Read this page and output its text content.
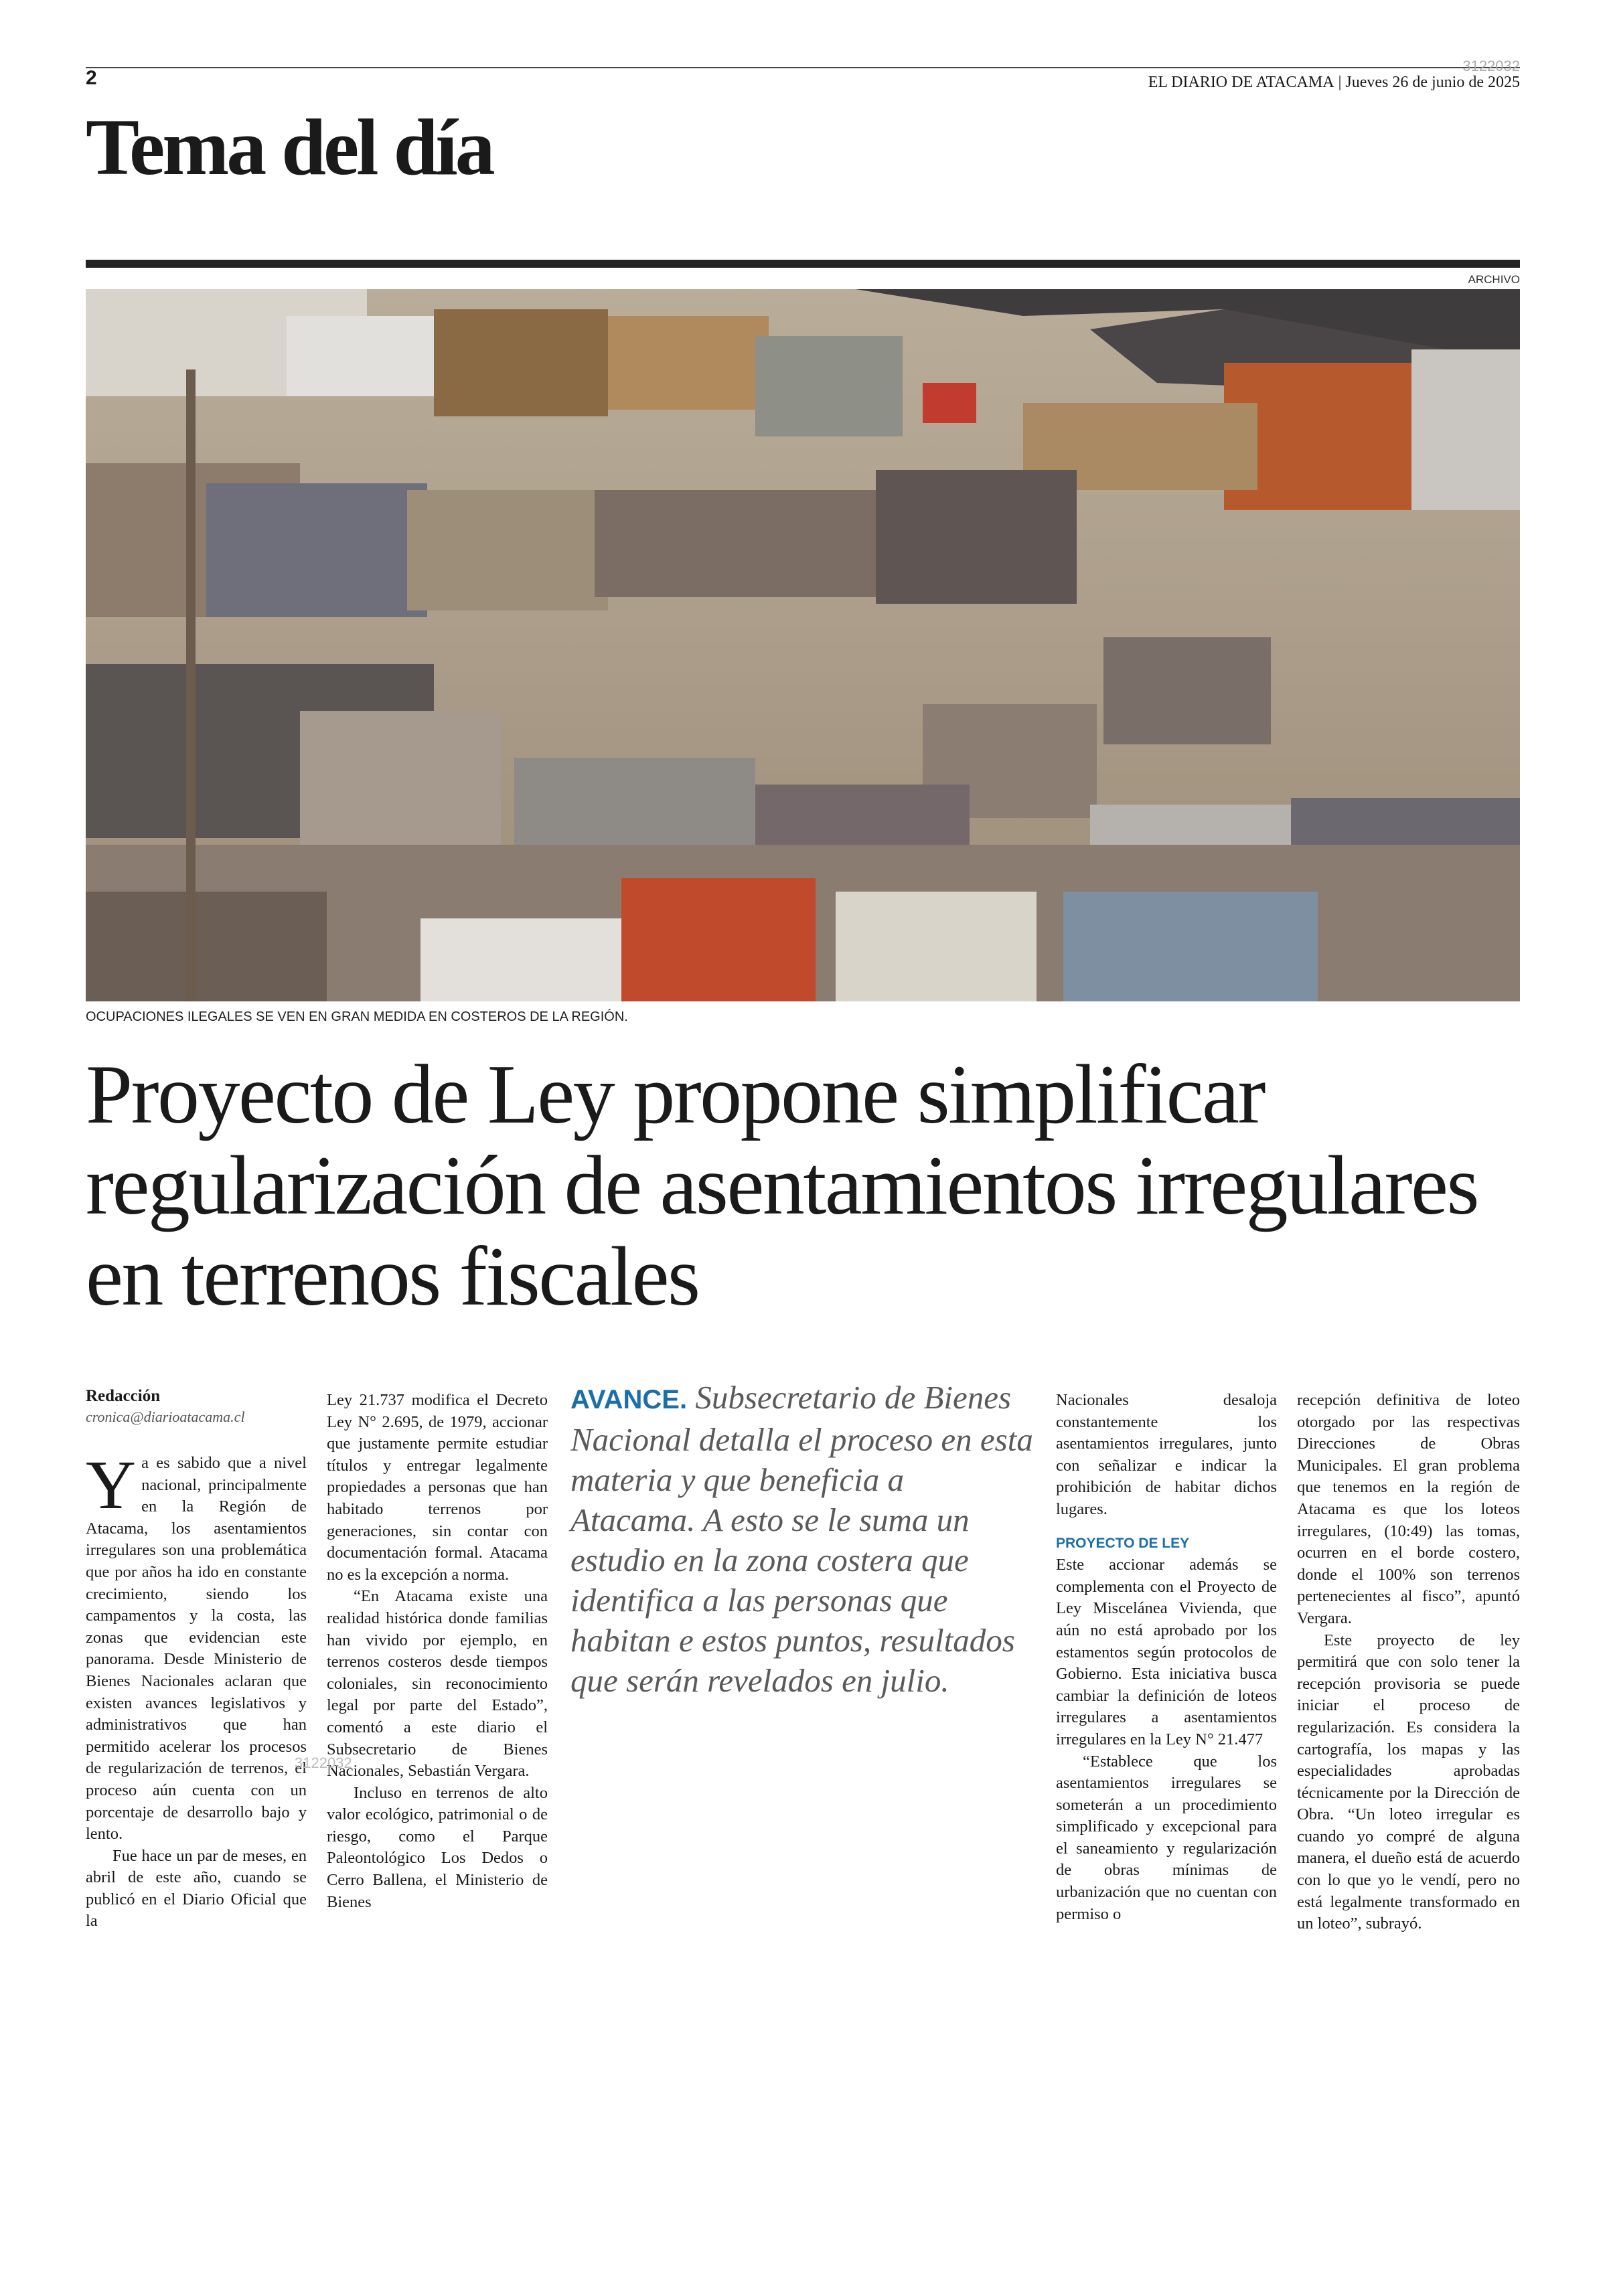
2
3122032
EL DIARIO DE ATACAMA | Jueves 26 de junio de 2025
Tema del día
ARCHIVO
OCUPACIONES ILEGALES SE VEN EN GRAN MEDIDA EN COSTEROS DE LA REGIÓN.
Proyecto de Ley propone simplificar regularización de asentamientos irregulares en terrenos fiscales
Redacción
cronica@diarioatacama.cl

Ya es sabido que a nivel nacional, principalmente en la Región de Atacama, los asentamientos irregulares son una problemática que por años ha ido en constante crecimiento, siendo los campamentos y la costa, las zonas que evidencian este panorama. Desde Ministerio de Bienes Nacionales aclaran que existen avances legislativos y administrativos que han permitido acelerar los procesos de regularización de terrenos, el proceso aún cuenta con un porcentaje de desarrollo bajo y lento.

Fue hace un par de meses, en abril de este año, cuando se publicó en el Diario Oficial que la

Ley 21.737 modifica el Decreto Ley N° 2.695, de 1979, accionar que justamente permite estudiar títulos y entregar legalmente propiedades a personas que han habitado terrenos por generaciones, sin contar con documentación formal. Atacama no es la excepción a norma.

“En Atacama existe una realidad histórica donde familias han vivido por ejemplo, en terrenos costeros desde tiempos coloniales, sin reconocimiento legal por parte del Estado”, comentó a este diario el Subsecretario de Bienes Nacionales, Sebastián Vergara.

Incluso en terrenos de alto valor ecológico, patrimonial o de riesgo, como el Parque Paleontológico Los Dedos o Cerro Ballena, el Ministerio de Bienes

3122032
AVANCE. Subsecretario de Bienes Nacional detalla el proceso en esta materia y que beneficia a Atacama. A esto se le suma un estudio en la zona costera que identifica a las personas que habitan e estos puntos, resultados que serán revelados en julio.

Nacionales desaloja constantemente los asentamientos irregulares, junto con señalizar e indicar la prohibición de habitar dichos lugares.

PROYECTO DE LEY

Este accionar además se complementa con el Proyecto de Ley Miscelánea Vivienda, que aún no está aprobado por los estamentos según protocolos de Gobierno. Esta iniciativa busca cambiar la definición de loteos irregulares a asentamientos irregulares en la Ley N° 21.477

“Establece que los asentamientos irregulares se someterán a un procedimiento simplificado y excepcional para el saneamiento y regularización de obras mínimas de urbanización que no cuentan con permiso o

recepción definitiva de loteo otorgado por las respectivas Direcciones de Obras Municipales. El gran problema que tenemos en la región de Atacama es que los loteos irregulares, (10:49) las tomas, ocurren en el borde costero, donde el 100% son terrenos pertenecientes al fisco”, apuntó Vergara.

Este proyecto de ley permitirá que con solo tener la recepción provisoria se puede iniciar el proceso de regularización. Es considera la cartografía, los mapas y las especialidades aprobadas técnicamente por la Dirección de Obra. “Un loteo irregular es cuando yo compré de alguna manera, el dueño está de acuerdo con lo que yo le vendí, pero no está legalmente transformado en un loteo”, subrayó.
